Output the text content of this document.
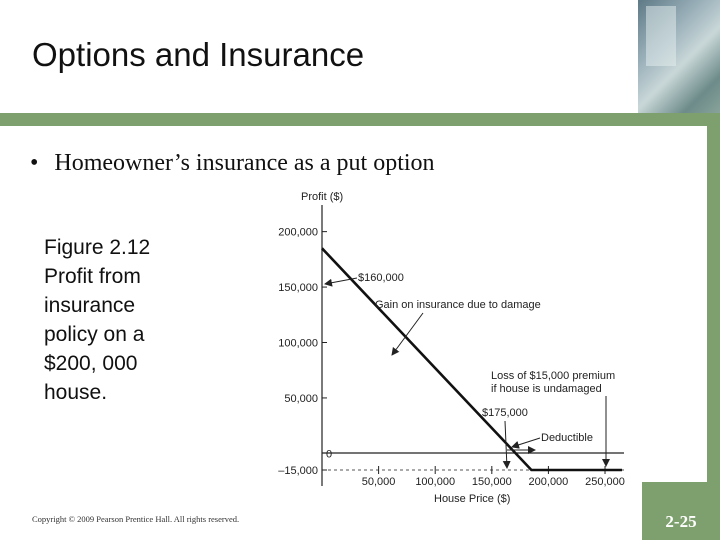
Options and Insurance
• Homeowner’s insurance as a put option
Figure 2.12
Profit from insurance policy on a $200, 000 house.
Profit ($)
House Price ($)
200,000
150,000
100,000
50,000
0
–15,000
50,000 100,000 150,000 200,000 250,000
$160,000
Gain on insurance due to damage
Loss of $15,000 premium
if house is undamaged
$175,000
Deductible
Copyright © 2009 Pearson Prentice Hall. All rights reserved.	2-25
